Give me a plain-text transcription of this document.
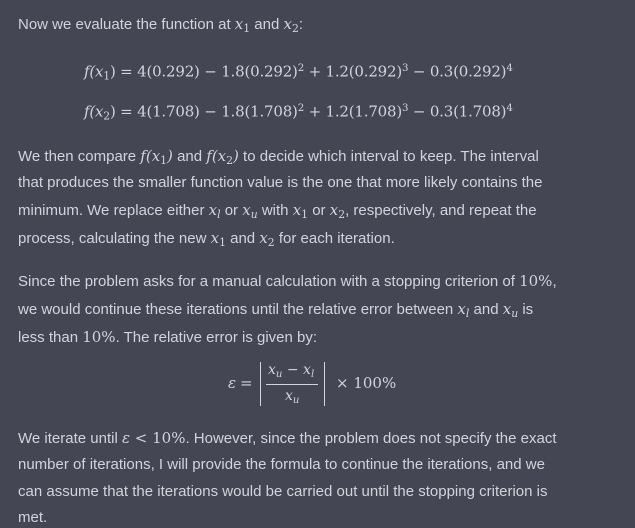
Now we evaluate the function at $x_1$ and $x_2$:
$f(x_1) = 4(0.292) - 1.8(0.292)^2 + 1.2(0.292)^3 - 0.3(0.292)^4$
$f(x_2) = 4(1.708) - 1.8(1.708)^2 + 1.2(1.708)^3 - 0.3(1.708)^4$
We then compare $f(x_1)$ and $f(x_2)$ to decide which interval to keep. The interval
that produces the smaller function value is the one that more likely contains the
minimum. We replace either $x_l$ or $x_u$ with $x_1$ or $x_2$, respectively, and repeat the
process, calculating the new $x_1$ and $x_2$ for each iteration.
Since the problem asks for a manual calculation with a stopping criterion of 10%,
we would continue these iterations until the relative error between $x_l$ and $x_u$ is
less than 10%. The relative error is given by:
ε =
$x_u - x_l$
$x_u$
× 100%
We iterate until ε < 10%. However, since the problem does not specify the exact
number of iterations, I will provide the formula to continue the iterations, and we
can assume that the iterations would be carried out until the stopping criterion is
met.
